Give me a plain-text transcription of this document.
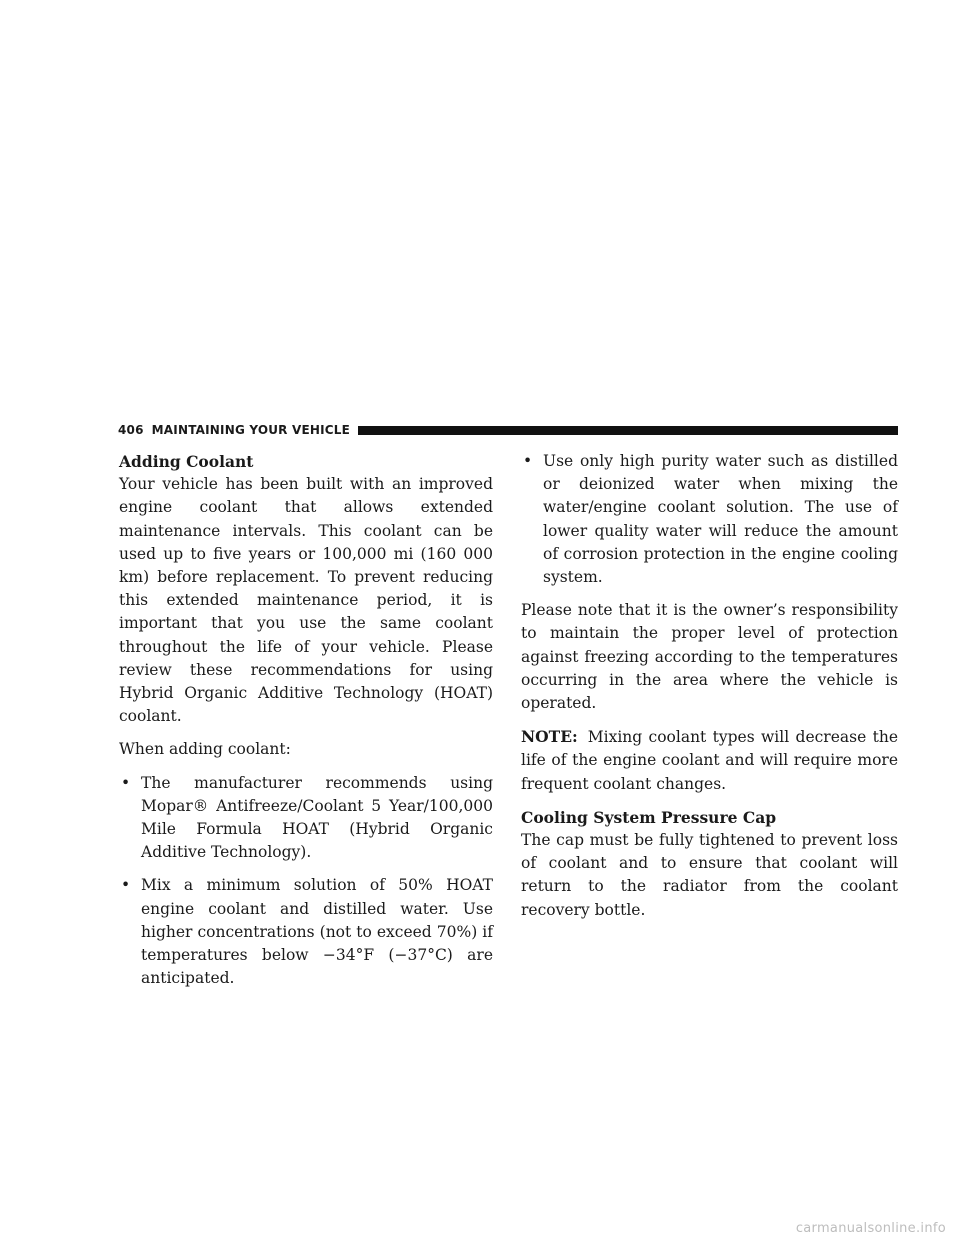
406 MAINTAINING YOUR VEHICLE
Adding Coolant

Your vehicle has been built with an improved engine coolant that allows extended maintenance intervals. This coolant can be used up to five years or 100,000 mi (160 000 km) before replacement. To prevent reducing this extended maintenance period, it is important that you use the same coolant throughout the life of your vehicle. Please review these recommendations for using Hybrid Organic Additive Technology (HOAT) coolant.

When adding coolant:

• The manufacturer recommends using Mopar® Antifreeze/Coolant 5 Year/100,000 Mile Formula HOAT (Hybrid Organic Additive Technology).
• Mix a minimum solution of 50% HOAT engine coolant and distilled water. Use higher concentrations (not to exceed 70%) if temperatures below −34°F (−37°C) are anticipated.
• Use only high purity water such as distilled or deionized water when mixing the water/engine coolant solution. The use of lower quality water will reduce the amount of corrosion protection in the engine cooling system.

Please note that it is the owner’s responsibility to maintain the proper level of protection against freezing according to the temperatures occurring in the area where the vehicle is operated.

NOTE: Mixing coolant types will decrease the life of the engine coolant and will require more frequent coolant changes.

Cooling System Pressure Cap

The cap must be fully tightened to prevent loss of coolant and to ensure that coolant will return to the radiator from the coolant recovery bottle.

carmanualsonline.info
